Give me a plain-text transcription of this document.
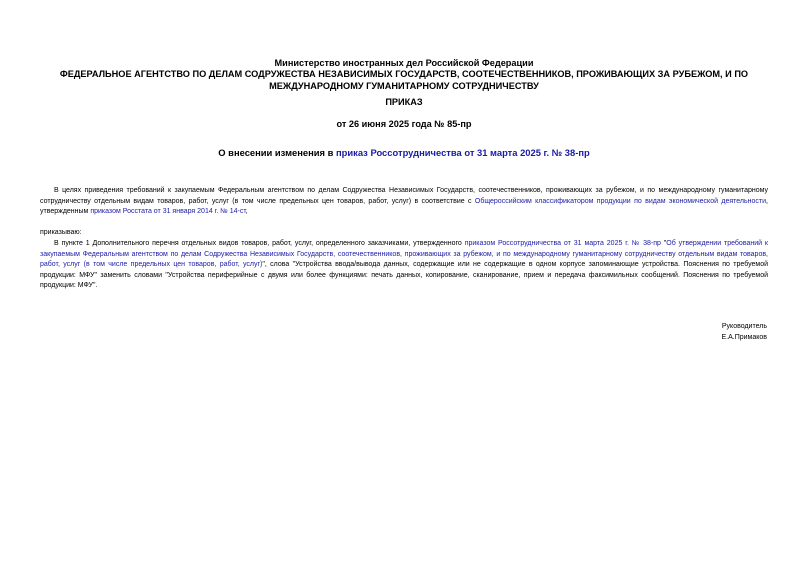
Министерство иностранных дел Российской Федерации

ФЕДЕРАЛЬНОЕ АГЕНТСТВО ПО ДЕЛАМ СОДРУЖЕСТВА НЕЗАВИСИМЫХ ГОСУДАРСТВ, СООТЕЧЕСТВЕННИКОВ, ПРОЖИВАЮЩИХ ЗА РУБЕЖОМ, И ПО
МЕЖДУНАРОДНОМУ ГУМАНИТАРНОМУ СОТРУДНИЧЕСТВУ

ПРИКАЗ

от 26 июня 2025 года № 85-пр

О внесении изменения в приказ Россотрудничества от 31 марта 2025 г. № 38-пр

В целях приведения требований к закупаемым Федеральным агентством по делам Содружества Независимых Государств, соотечественников, проживающих за рубежом, и по международному гуманитарному сотрудничеству отдельным видам товаров, работ, услуг (в том числе предельных цен товаров, работ, услуг) в соответствие с Общероссийским классификатором продукции по видам экономической деятельности, утвержденным приказом Росстата от 31 января 2014 г. № 14-ст,

приказываю:

В пункте 1 Дополнительного перечня отдельных видов товаров, работ, услуг, определенного заказчиками, утвержденного приказом Россотрудничества от 31 марта 2025 г. № 38-пр "Об утверждении требований к закупаемым Федеральным агентством по делам Содружества Независимых Государств, соотечественников, проживающих за рубежом, и по международному гуманитарному сотрудничеству отдельным видам товаров, работ, услуг (в том числе предельных цен товаров, работ, услуг)", слова "Устройства ввода/вывода данных, содержащие или не содержащие в одном корпусе запоминающие устройства. Пояснения по требуемой продукции: МФУ" заменить словами "Устройства периферийные с двумя или более функциями: печать данных, копирование, сканирование, прием и передача факсимильных сообщений. Пояснения по требуемой продукции: МФУ".

Руководитель

Е.А.Примаков
